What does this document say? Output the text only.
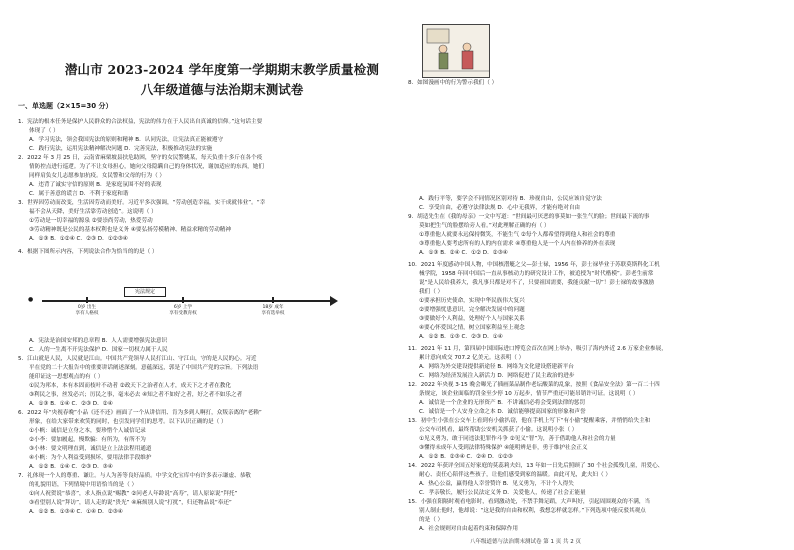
潜山市 2023-2024 学年度第一学期期末教学质量检测
八年级道德与法治期末测试卷
一、单选题（2×15=30 分）
1．宪法的根本任务是保护人民群众的合法权益，宪法的伟力在于人民出自真诚的信仰。”这句话主要
体现了（ ）
A．学习宪法，领会我国宪法的原则和精神 B．认同宪法，让宪法真正能被遵守
C．践行宪法，运用宪法精神解决问题 D．完善宪法，积极推动宪法的实施
2．2022 年 3 月 25 日，云南省麻栗坡县扶危助困，坚守的女民警姚某，每天负重十多斤在各个疫
情防控点进行巡逻。为了不让女母担心，她向父母隐瞒自己的身体状况，谢加适应的东西，她们
同样肩负女儿志愿参加抗疫。女民警和父母的行为（ ）
A．违背了诚实守信的原则 B．是家庭氛围不好的表现
C．属于善意的谎言 D．不利于家庭和谐
3．世界因劳动而改变，生活因劳动而美好。习近平多次强调，“劳动创造幸福，实干成就伟业”。“幸
福不会从天降，美好生活靠劳动创造”。这说明（ ）
①劳动是一切幸福的源泉 ②要崇尚劳动，热爱劳动
③劳动精神既是公民的基本权利也是义务 ④要弘扬劳模精神、精益求精的劳动精神
A．①③ B．①②④ C．②③ D．①②③④
4．根据下图所示内容，下列说法合作为恰当的的是（ ）
A．宪法是治国安邦的总章程 B．人人需要增强宪法意识
C．人的一生离不开宪法保护 D．国家一切权力属于人民
5．江山就是人民，人民就是江山。中国共产党领导人民打江山、守江山，守的是人民的心。习近
平在党的二十大报告中的重要讲话阐述深刻。意蕴深远，郭是了中国共产党的宗旨。下列法语
能印证这一思想观点的有（ ）
①民为邦本，本有本固而枝叶不动者 ②政天下之治者在人才，成天下之才者在教化
③利民之事，丝发必兴；厉民之事，毫末必去 ④知之者不如好之者，好之者不如乐之者
A．①③ B．①④ C．②③ D．②④
6．2022 年“央视春晚”小品《还不还》画面了一个从讲信用、肯为多到人啊打，众叛亲离的“老赖”
形象，在给大家带来欢笑的同时，也引发同学们的思考。以下认识正确的是（ ）
①小帆：诚信是立身之本，要珍惜个人诚信记录
②小李：要加履起，慢欺骗：有所为，有所不为
③小林：要文明理直到，诚信是立上法法程用通道
④小帆：为个人利益受到损坏，要用法律手段维护
A．①② B．①④ C．②③ D．③④
7．礼体现一个人的尊重、谦让。与人为善等良好品质。中学文化宝库中有许多表示谦虚、恭敬
的礼貌用语，下列情境中用语恰当的是（ ）
①向人祝贺说“恭喜”，求人指点说“赐教” ②问老人年龄说“高寿”，请人原谅说“拜托”
③看望别人说“拜访”，请人走的说“贵光” ④麻烦别人说“打扰”，归还物品说“奉还”
A．①② B．①③④ C．①④ D．②③④
●
宪法规定
0岁 出生
享有人格权
6岁 上学
享有受教育权
18岁 成年
享有选举权
8．如图漫画中的行为警示我们（ ）
A．践行平等，要学会不同情况区别对待 B．珍视自由，公民应该自觉守法
C．享受自由，必遵守法律法规 D．心中无我界，才能有绝对自由
9．胡适先生在《我的母亲》一文中写道：“世间最可厌恶的事莫如一张生气的脸；世间最下流的事
莫如把生气的脸摆给旁人看。”对此理解正确的有（ ）
①尊重他人就要永远保持微笑，不能生气 ②每个人都希望得到他人和社会的尊重
③尊重他人要考虑所有的人的内在需求 ④尊重他人是一个人内在修养的外在表现
A．①③ B．②④ C．①② D．②③④
10．2021 年度感动中国人物，中国核潜艇之父—彭士禄，1956 年，彭士禄毕业于苏联莫斯科化工机
械学院，1958 年回中国后一直从事核动力的研究设计工作，被追授为“时代楷模”。彭老生前常
说“是人民给我养大，我凡事只都是对不了，只要祖国需要，我能贡献一切”！彭士禄的故事激励
我们（ ）
①要承担历史使命，实现中华民族伟大复兴
②要增强忧患意识，完全解决发展中的问题
③要做好个人利益，处理好个人与国家关系
④要心怀爱国之情，树立国家利益至上观念
A．①② B．①③ C．②③ D．①④
11．2021 年 11 月，第四届中国国际进口博览会首次在网上举办，吸引了海内外近 2.6 万家企业参展，
累计意向成交 707.2 亿美元。这表明（ ）
A．网络为外交建设提供新途径 B．网络为文化建设搭建新平台
C．网络为经济发展注入新活力 D．网络促进了民主政治的进步
12．2022 年央视 3·15 晚会曝光了插画菜品制作老坛酸菜的乱象，按照《食品安全法》第一百二十四
条规定，该企业面临的罚金至少停 10 万起步，情节严重还可能吊销许可证。这说明（ ）
A．诚信是一个企业的无形资产 B．不讲诚信必将会受到法律的惩罚
C．诚信是一个人安身立命之本 D．诚信能够提高国家的形象和声誉
13．初中生小张在公交车上看到有小偷扒窃，他在手机上写下“有小偷”提醒乘客，并悄悄给失主和
公交车司机看，最终帮助公安机关抓获了小偷。这说明小张（ ）
①见义勇为，敢于同违法犯罪作斗争 ②见义“智”为，善于借助他人和社会的力量
③懂得未成年人受到法律特殊保护 ④能明辨是非，勇于维护社会正义
A．①② B．②③④ C．②④ D．①②③
14．2022 年获评全国五好家庭的莫蕊莉夫妇，13 年如一日先后照顾了 30 个社会孤残儿童，用爱心、
耐心、责任心陪伴这些孩子，让他们感受到家的温暖。由此可见，此夫妇（ ）
A．热心公益，赢得他人幸誉赞许 B．见义勇为，不计个人得失
C．孝亲敬长，履行公民法定义务 D．关爱他人，传递了社会正能量
15．小强在阳隔时观看电影时，看到激动处，不禁手舞足蹈，大声叫好，引起周围观众的不满，当
别人制止他时，他却说：“这是我的自由和权利，我想怎样就怎样。”下列选项中能反驳其观点
的是（ ）
A．社会规则对自由起着约束和保障作用
八年级道德与法治期末测试卷 第 1 页 共 2 页
